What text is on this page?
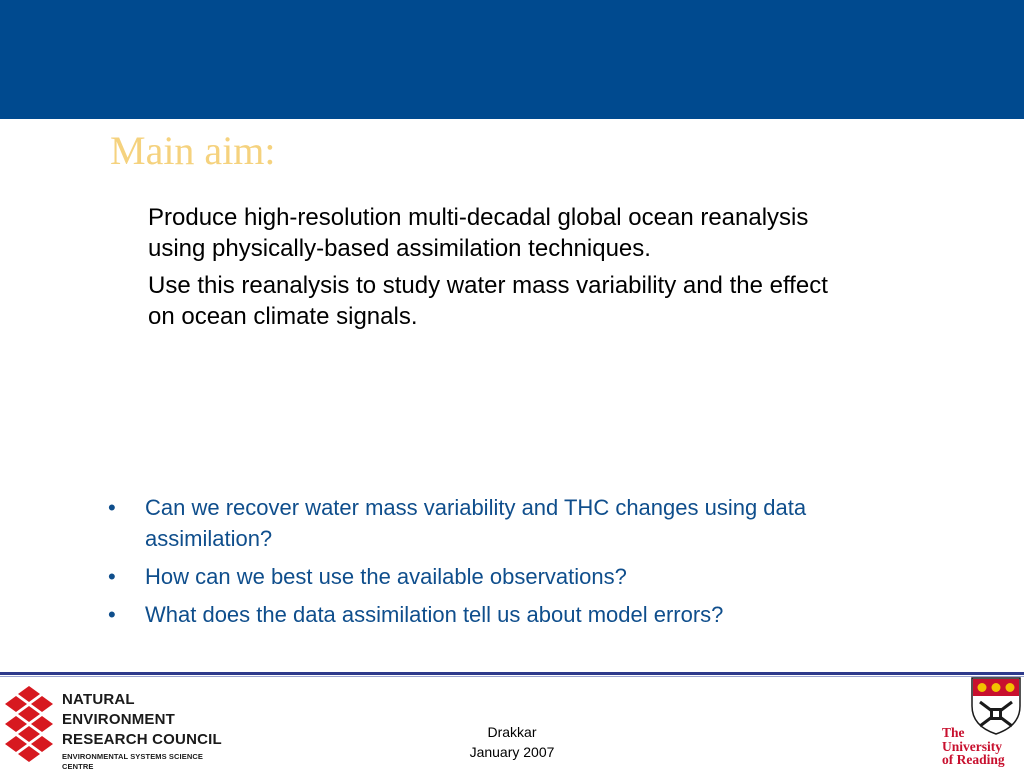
Main aim:

Produce high-resolution multi-decadal global ocean reanalysis using physically-based assimilation techniques.

Use this reanalysis to study water mass variability and the effect on ocean climate signals.

• Can we recover water mass variability and THC changes using data assimilation?
• How can we best use the available observations?
• What does the data assimilation tell us about model errors?
NATURAL
ENVIRONMENT
RESEARCH COUNCIL
ENVIRONMENTAL SYSTEMS SCIENCE CENTRE
Drakkar
January 2007
The
University
of Reading
